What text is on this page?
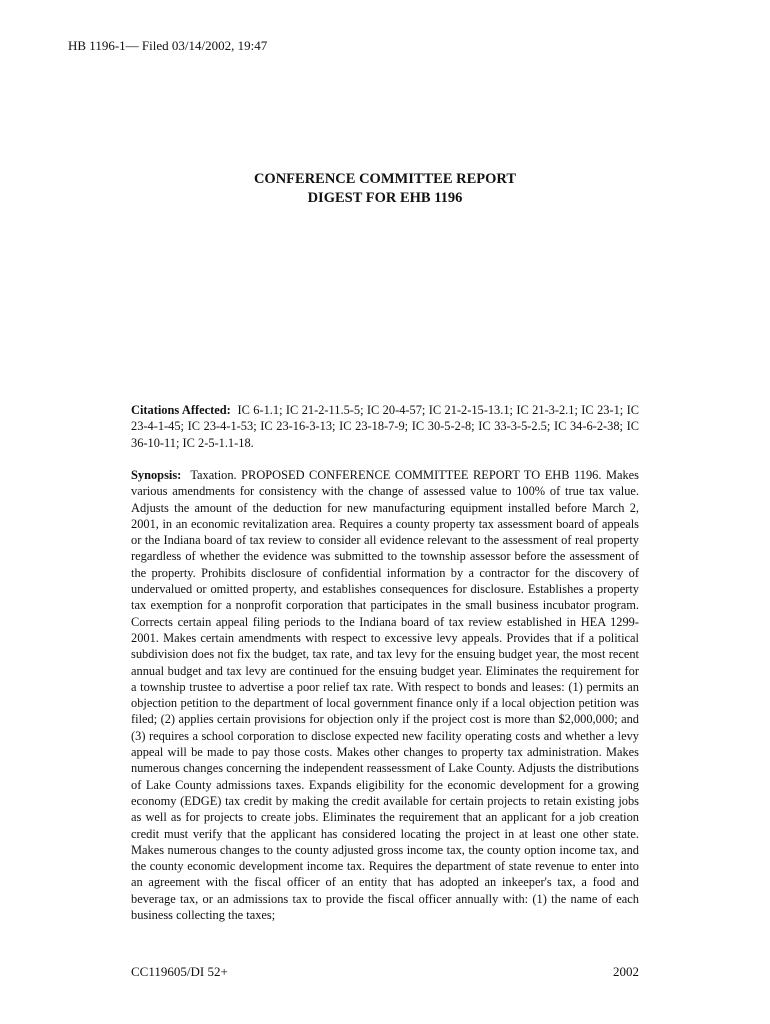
HB 1196-1— Filed 03/14/2002, 19:47
CONFERENCE COMMITTEE REPORT
DIGEST FOR EHB 1196
Citations Affected: IC 6-1.1; IC 21-2-11.5-5; IC 20-4-57; IC 21-2-15-13.1; IC 21-3-2.1; IC 23-1; IC 23-4-1-45; IC 23-4-1-53; IC 23-16-3-13; IC 23-18-7-9; IC 30-5-2-8; IC 33-3-5-2.5; IC 34-6-2-38; IC 36-10-11; IC 2-5-1.1-18.
Synopsis: Taxation. PROPOSED CONFERENCE COMMITTEE REPORT TO EHB 1196. Makes various amendments for consistency with the change of assessed value to 100% of true tax value. Adjusts the amount of the deduction for new manufacturing equipment installed before March 2, 2001, in an economic revitalization area. Requires a county property tax assessment board of appeals or the Indiana board of tax review to consider all evidence relevant to the assessment of real property regardless of whether the evidence was submitted to the township assessor before the assessment of the property. Prohibits disclosure of confidential information by a contractor for the discovery of undervalued or omitted property, and establishes consequences for disclosure. Establishes a property tax exemption for a nonprofit corporation that participates in the small business incubator program. Corrects certain appeal filing periods to the Indiana board of tax review established in HEA 1299-2001. Makes certain amendments with respect to excessive levy appeals. Provides that if a political subdivision does not fix the budget, tax rate, and tax levy for the ensuing budget year, the most recent annual budget and tax levy are continued for the ensuing budget year. Eliminates the requirement for a township trustee to advertise a poor relief tax rate. With respect to bonds and leases: (1) permits an objection petition to the department of local government finance only if a local objection petition was filed; (2) applies certain provisions for objection only if the project cost is more than $2,000,000; and (3) requires a school corporation to disclose expected new facility operating costs and whether a levy appeal will be made to pay those costs. Makes other changes to property tax administration. Makes numerous changes concerning the independent reassessment of Lake County. Adjusts the distributions of Lake County admissions taxes. Expands eligibility for the economic development for a growing economy (EDGE) tax credit by making the credit available for certain projects to retain existing jobs as well as for projects to create jobs. Eliminates the requirement that an applicant for a job creation credit must verify that the applicant has considered locating the project in at least one other state. Makes numerous changes to the county adjusted gross income tax, the county option income tax, and the county economic development income tax. Requires the department of state revenue to enter into an agreement with the fiscal officer of an entity that has adopted an inkeeper's tax, a food and beverage tax, or an admissions tax to provide the fiscal officer annually with: (1) the name of each business collecting the taxes;
CC119605/DI 52+	2002
